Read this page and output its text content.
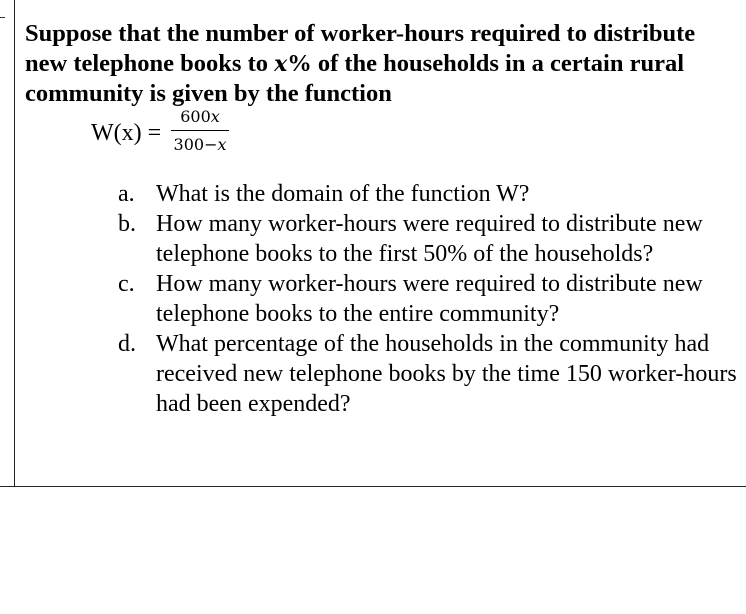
Suppose that the number of worker-hours required to distribute new telephone books to x% of the households in a certain rural community is given by the function

W(x) =
600x
300−x
a. What is the domain of the function W?
b. How many worker-hours were required to distribute new telephone books to the first 50% of the households?
c. How many worker-hours were required to distribute new telephone books to the entire community?
d. What percentage of the households in the community had received new telephone books by the time 150 worker-hours had been expended?
